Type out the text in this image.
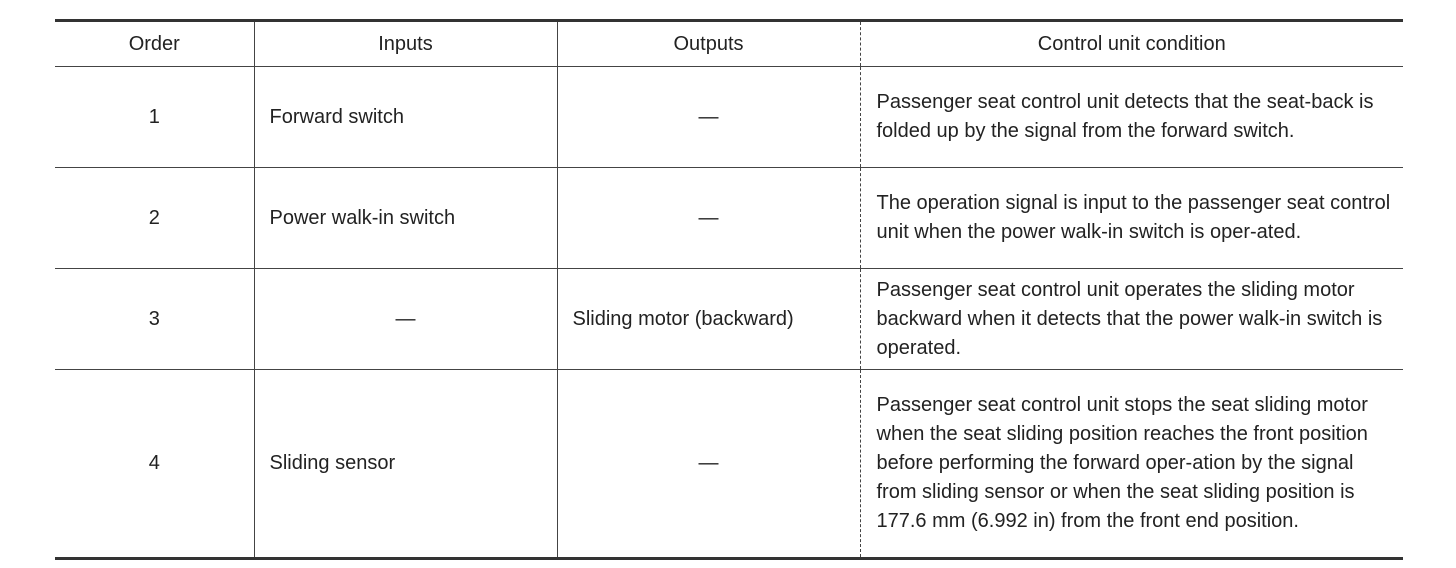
Order	Inputs	Outputs	Control unit condition
1	Forward switch	—	Passenger seat control unit detects that the seat-back is folded up by the signal from the forward switch.
2	Power walk-in switch	—	The operation signal is input to the passenger seat control unit when the power walk-in switch is oper-ated.
3	—	Sliding motor (backward)	Passenger seat control unit operates the sliding motor backward when it detects that the power walk-in switch is operated.
4	Sliding sensor	—	Passenger seat control unit stops the seat sliding motor when the seat sliding position reaches the front position before performing the forward oper-ation by the signal from sliding sensor or when the seat sliding position is 177.6 mm (6.992 in) from the front end position.
